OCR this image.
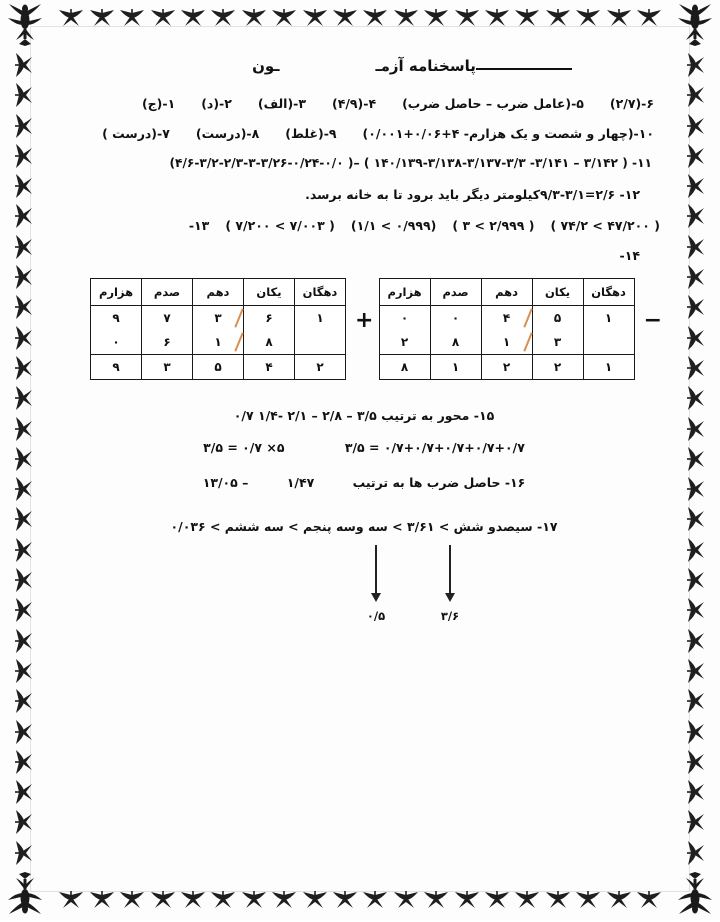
پاسخنامه آزمــون
۶-(۲/۷)
۵-(عامل ضرب – حاصل ضرب)
۴-(۴/۹)
۳-(الف)
۲-(د)
۱-(ج)
۱۰-(چهار و شصت و یک هزارم- ۴+۰/۰۶+۰/۰۰۱)
۹-(غلط)
۸-(درست)
۷-(درست )
۱۱- ( ۳/۱۴۲ – ۳/۱۴۱- ۱۴۰/۱۳۹-۳/۱۳۸-۳/۱۳۷-۳/۳ ) –( ۴/۶-۳/۲-۲/۳-۳-۳/۲۶-۰/۲۴-۰/۰)
۱۲- ۲/۶=۹/۳-۳/۱کیلومتر دیگر باید برود تا به خانه برسد.
( ۴۷/۲۰۰ > ۷۴/۲ )
( ۲/۹۹۹ > ۳ )
(۰/۹۹۹ > ۱/۱)
( ۷/۰۰۳ > ۷/۲۰۰ )
۱۳-
۱۴-
−
دهگان	یکان	دهم	صدم	هزارم
۱	۵	۴	۰	۰
	۳	۱	۸	۲
۱	۲	۲	۱	۸
+
دهگان	یکان	دهم	صدم	هزارم
۱	۶	۳	۷	۹
	۸	۱	۶	۰
۲	۴	۵	۳	۹
۱۵- محور به ترتیب ۳/۵ – ۲/۸ – ۲/۱ -۱/۴ ۰/۷
۰/۷+۰/۷+۰/۷+۰/۷+۰/۷ = ۳/۵ ۵× ۰/۷ = ۳/۵
۱۶- حاصل ضرب ها به ترتیب ۱/۴۷ – ۱۳/۰۵
۱۷- سیصدو شش > ۳/۶۱ > سه وسه پنجم > سه ششم > ۰/۰۳۶
۰/۵	۳/۶
